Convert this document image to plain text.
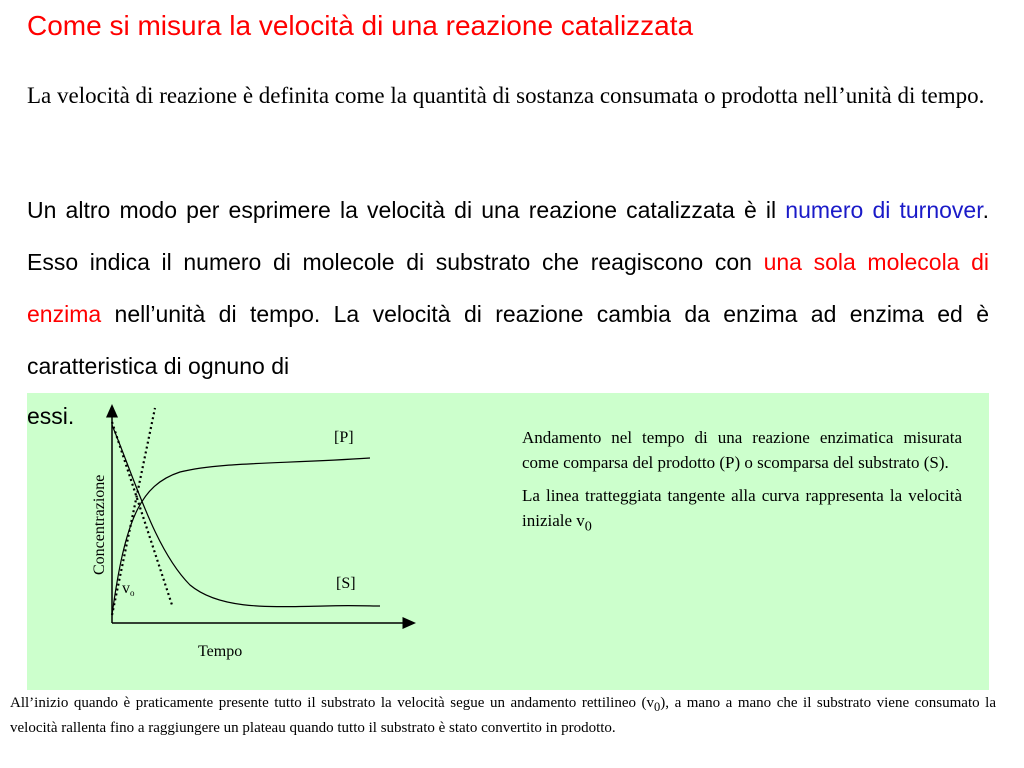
Come si misura la velocità di una reazione catalizzata
La velocità di reazione è definita come la quantità di sostanza consumata o prodotta nell’unità di tempo.
Un altro modo per esprimere la velocità di una reazione catalizzata è il numero di turnover. Esso indica il numero di molecole di substrato che reagiscono con una sola molecola di enzima nell’unità di tempo. La velocità di reazione cambia da enzima ad enzima ed è caratteristica di ognuno di
essi.
[P]
[S]
vo
Tempo
Concentrazione

Andamento nel tempo di una reazione enzimatica misurata come comparsa del prodotto (P) o scomparsa del substrato (S).

La linea tratteggiata tangente alla curva rappresenta la velocità iniziale $v_0$

All’inizio quando è praticamente presente tutto il substrato la velocità segue un andamento rettilineo $(v_0)$, a mano a mano che il substrato viene consumato la velocità rallenta fino a raggiungere un plateau quando tutto il substrato è stato convertito in prodotto.
